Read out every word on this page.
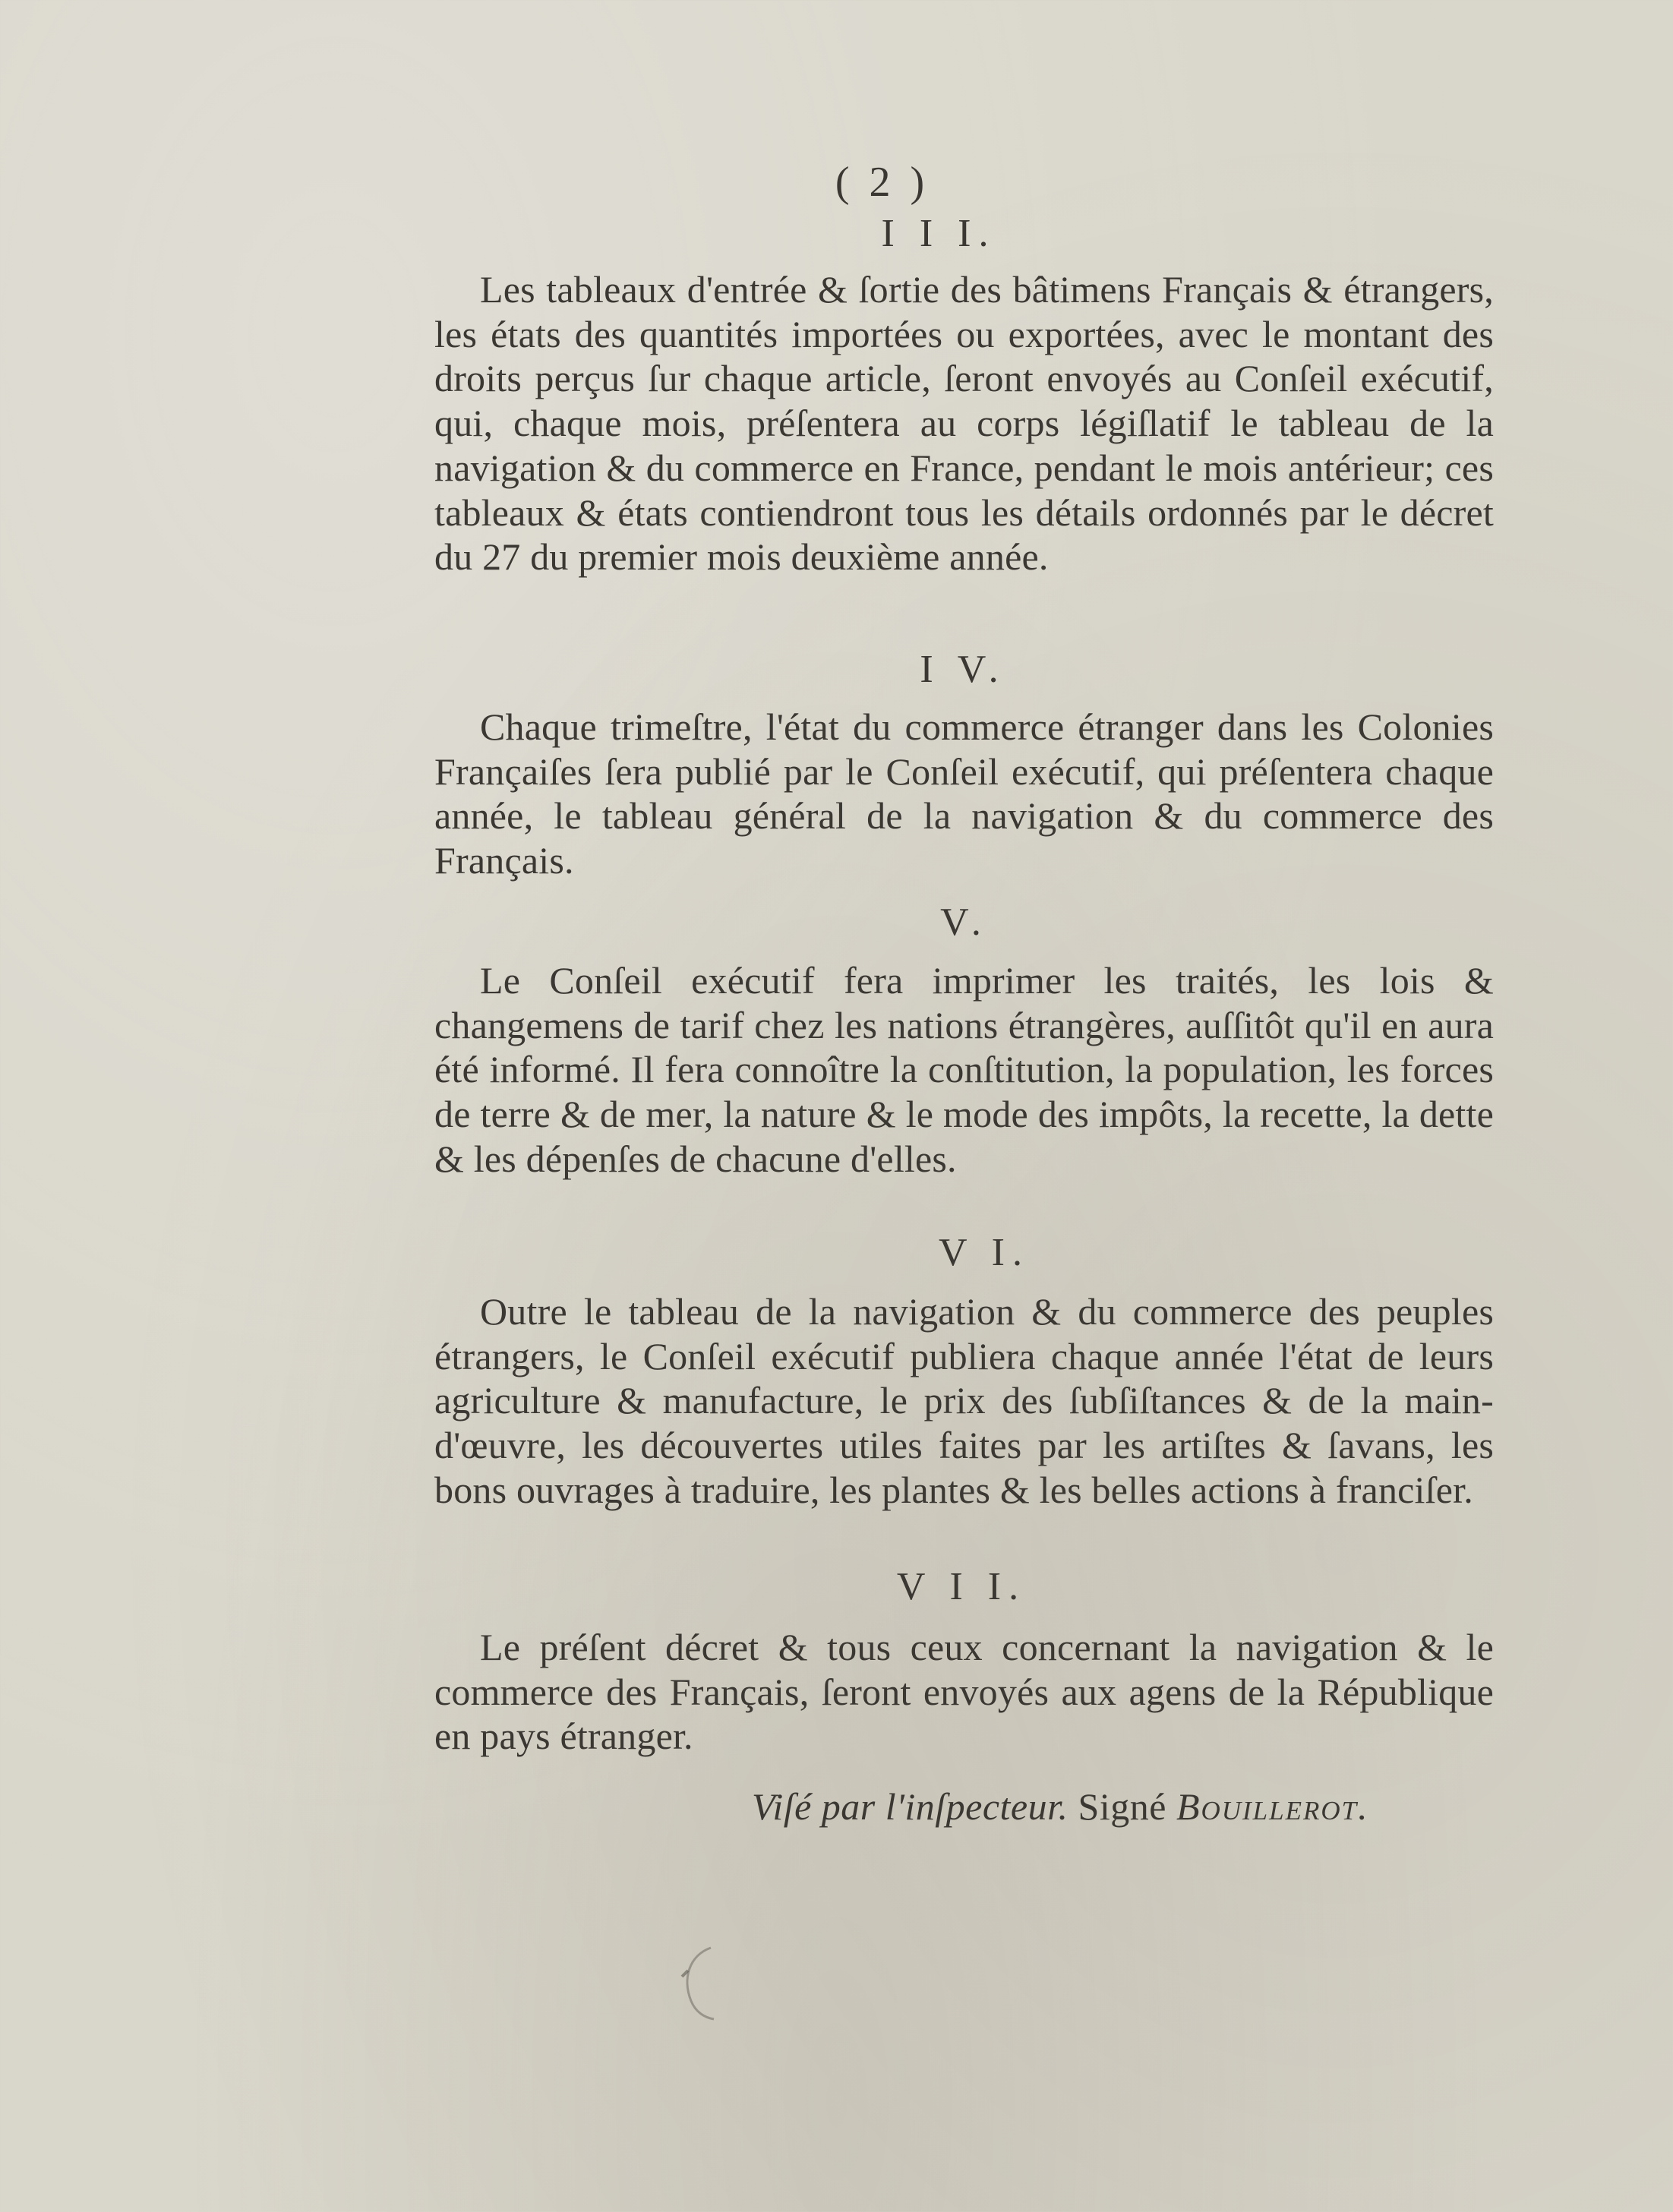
( 2 )
I I I.

Les tableaux d'entrée & ſortie des bâtimens Français & étrangers, les états des quantités importées ou exportées, avec le montant des droits perçus ſur chaque article, ſeront envoyés au Conſeil exécutif, qui, chaque mois, préſentera au corps légiſlatif le tableau de la navigation & du commerce en France, pendant le mois antérieur; ces tableaux & états contiendront tous les détails ordonnés par le décret du 27 du premier mois deuxième année.

I V.

Chaque trimeſtre, l'état du commerce étranger dans les Colonies Françaiſes ſera publié par le Conſeil exécutif, qui préſentera chaque année, le tableau général de la navigation & du commerce des Français.

V.

Le Conſeil exécutif fera imprimer les traités, les lois & changemens de tarif chez les nations étrangères, auſſitôt qu'il en aura été informé. Il fera connoître la conſtitution, la population, les forces de terre & de mer, la nature & le mode des impôts, la recette, la dette & les dépenſes de chacune d'elles.

V I.

Outre le tableau de la navigation & du commerce des peuples étrangers, le Conſeil exécutif publiera chaque année l'état de leurs agriculture & manufacture, le prix des ſubſiſtances & de la main-d'œuvre, les découvertes utiles faites par les artiſtes & ſavans, les bons ouvrages à traduire, les plantes & les belles actions à franciſer.

V I I.

Le préſent décret & tous ceux concernant la navigation & le commerce des Français, ſeront envoyés aux agens de la République en pays étranger.

Viſé par l'inſpecteur. Signé Bouillerot.
